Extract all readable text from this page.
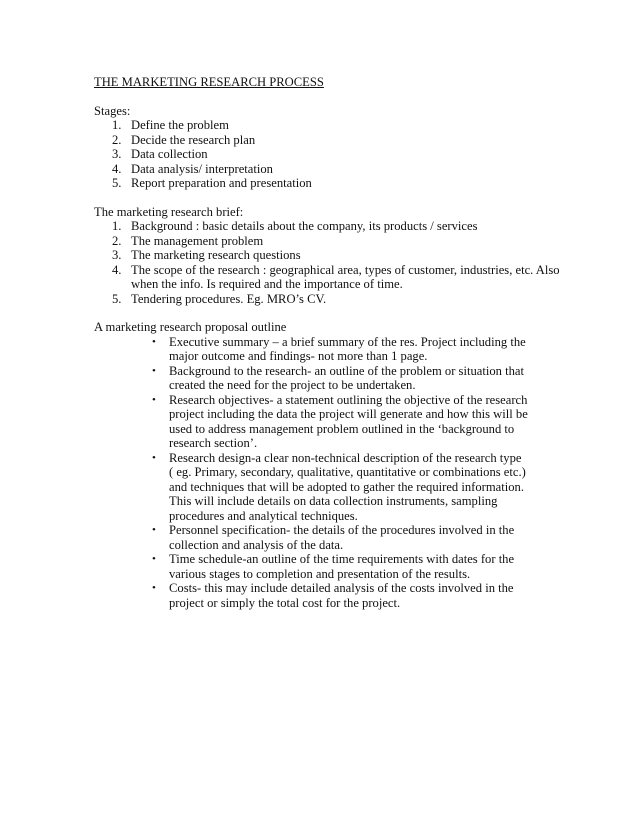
THE MARKETING RESEARCH PROCESS

Stages:

1. Define the problem
2. Decide the research plan
3. Data collection
4. Data analysis/ interpretation
5. Report preparation and presentation

The marketing research brief:

1. Background : basic details about the company, its products / services
2. The management problem
3. The marketing research questions
4. The scope of the research : geographical area, types of customer, industries, etc. Also when the info. Is required and the importance of time.
5. Tendering procedures. Eg. MRO’s CV.

A marketing research proposal outline

• Executive summary – a brief summary of the res. Project including the major outcome and findings- not more than 1 page.
• Background to the research- an outline of the problem or situation that created the need for the project to be undertaken.
• Research objectives- a statement outlining the objective of the research project including the data the project will generate and how this will be used to address management problem outlined in the ‘background to research section’.
• Research design-a clear non-technical description of the research type ( eg. Primary, secondary, qualitative, quantitative or combinations etc.) and techniques that will be adopted to gather the required information. This will include details on data collection instruments, sampling procedures and analytical techniques.
• Personnel specification- the details of the procedures involved in the collection and analysis of the data.
• Time schedule-an outline of the time requirements with dates for the various stages to completion and presentation of the results.
• Costs- this may include detailed analysis of the costs involved in the project or simply the total cost for the project.
